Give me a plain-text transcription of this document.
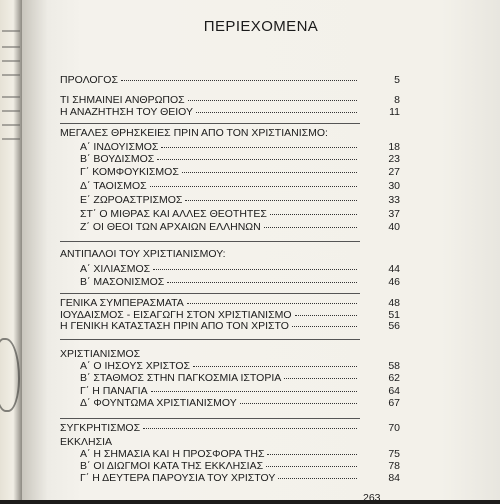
ΠΕΡΙΕΧΟΜΕΝΑ
ΠΡΟΛΟΓΟΣ	5
ΤΙ ΣΗΜΑΙΝΕΙ ΑΝΘΡΩΠΟΣ	8
Η ΑΝΑΖΗΤΗΣΗ ΤΟΥ ΘΕΙΟΥ	11
ΜΕΓΑΛΕΣ ΘΡΗΣΚΕΙΕΣ ΠΡΙΝ ΑΠΟ ΤΟΝ ΧΡΙΣΤΙΑΝΙΣΜΟ:
Α΄ ΙΝΔΟΥΙΣΜΟΣ	18
Β΄ ΒΟΥΔΙΣΜΟΣ	23
Γ΄ ΚΟΜΦΟΥΚΙΣΜΟΣ	27
Δ΄ ΤΑΟΙΣΜΟΣ	30
Ε΄ ΖΩΡΟΑΣΤΡΙΣΜΟΣ	33
ΣΤ΄ Ο ΜΙΘΡΑΣ ΚΑΙ ΑΛΛΕΣ ΘΕΟΤΗΤΕΣ	37
Ζ΄ ΟΙ ΘΕΟΙ ΤΩΝ ΑΡΧΑΙΩΝ ΕΛΛΗΝΩΝ	40
ΑΝΤΙΠΑΛΟΙ ΤΟΥ ΧΡΙΣΤΙΑΝΙΣΜΟΥ:
Α΄ ΧΙΛΙΑΣΜΟΣ	44
Β΄ ΜΑΣΟΝΙΣΜΟΣ	46
ΓΕΝΙΚΑ ΣΥΜΠΕΡΑΣΜΑΤΑ	48
ΙΟΥΔΑΙΣΜΟΣ - ΕΙΣΑΓΩΓΗ ΣΤΟΝ ΧΡΙΣΤΙΑΝΙΣΜΟ	51
Η ΓΕΝΙΚΗ ΚΑΤΑΣΤΑΣΗ ΠΡΙΝ ΑΠΟ ΤΟΝ ΧΡΙΣΤΟ	56
ΧΡΙΣΤΙΑΝΙΣΜΟΣ
Α΄ Ο ΙΗΣΟΥΣ ΧΡΙΣΤΟΣ	58
Β΄ ΣΤΑΘΜΟΣ ΣΤΗΝ ΠΑΓΚΟΣΜΙΑ ΙΣΤΟΡΙΑ	62
Γ΄ Η ΠΑΝΑΓΙΑ	64
Δ΄ ΦΟΥΝΤΩΜΑ ΧΡΙΣΤΙΑΝΙΣΜΟΥ	67
ΣΥΓΚΡΗΤΙΣΜΟΣ	70
ΕΚΚΛΗΣΙΑ
Α΄ Η ΣΗΜΑΣΙΑ ΚΑΙ Η ΠΡΟΣΦΟΡΑ ΤΗΣ	75
Β΄ ΟΙ ΔΙΩΓΜΟΙ ΚΑΤΑ ΤΗΣ ΕΚΚΛΗΣΙΑΣ	78
Γ΄ Η ΔΕΥΤΕΡΑ ΠΑΡΟΥΣΙΑ ΤΟΥ ΧΡΙΣΤΟΥ	84
263
